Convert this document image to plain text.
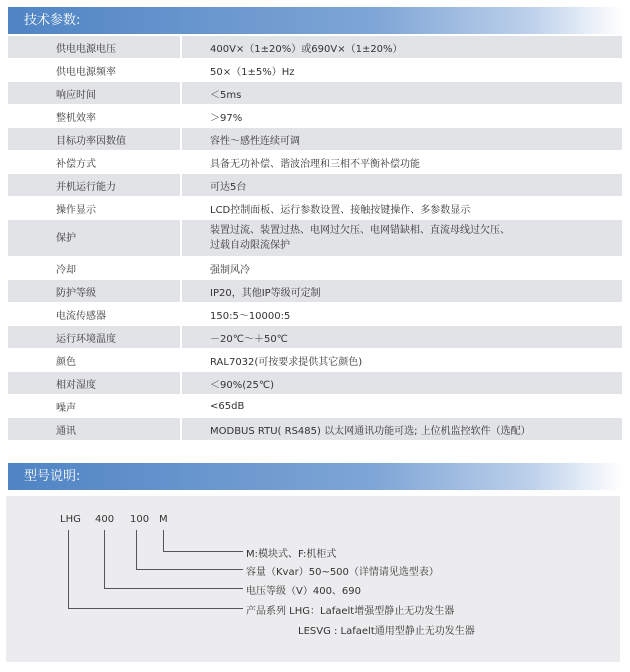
技术参数:
供电电源电压	400V×（1±20%）或690V×（1±20%）
供电电源频率	50×（1±5%）Hz
响应时间	＜5ms
整机效率	＞97%
目标功率因数值	容性～感性连续可调
补偿方式	具备无功补偿、谐波治理和三相不平衡补偿功能
并机运行能力	可达5台
操作显示	LCD控制面板、运行参数设置、接触按键操作、多参数显示
保护	装置过流、装置过热、电网过欠压、电网错缺相、直流母线过欠压、
过载自动限流保护

冷却	强制风冷
防护等级	IP20，其他IP等级可定制
电流传感器	150:5～10000:5
运行环境温度	－20℃～＋50℃
颜色	RAL7032(可按要求提供其它颜色)
相对湿度	＜90%(25℃)
噪声	<65dB
通讯	MODBUS RTU( RS485) 以太网通讯功能可选; 上位机监控软件（选配）
型号说明:
LHG 400 100 M
M:模块式、F:机柜式
容量（Kvar）50~500（详情请见选型表）
电压等级（V）400、690
产品系列 LHG：Lafaelt增强型静止无功发生器
LESVG : Lafaelt通用型静止无功发生器
